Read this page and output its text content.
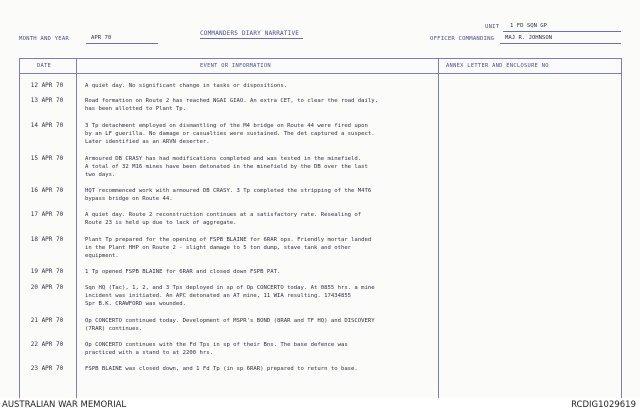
MONTH AND YEAR	APR 70
COMMANDERS DIARY NARRATIVE
UNIT 1 FD SQN GP
OFFICER COMMANDING MAJ R. JOHNSON
DATE	EVENT OR INFORMATION	ANNEX LETTER AND ENCLOSURE NO
12 APR 70	A quiet day. No significant change in tasks or dispositions.
13 APR 70	Road formation on Route 2 has reached NGAI GIAO. An extra CET, to clear the road daily,
has been allotted to Plant Tp.
14 APR 70	3 Tp detachment employed on dismantling of the M4 bridge on Route 44 were fired upon
by an LF guerilla. No damage or casualties were sustained. The det captured a suspect.
Later identified as an ARVN deserter.
15 APR 70	Armoured DB CRASY has had modifications completed and was tested in the minefield.
A total of 32 M16 mines have been detonated in the minefield by the DB over the last
two days.
16 APR 70	HQT recommenced work with armoured DB CRASY. 3 Tp completed the stripping of the M4T6
bypass bridge on Route 44.
17 APR 70	A quiet day. Route 2 reconstruction continues at a satisfactory rate. Resealing of
Route 23 is held up due to lack of aggregate.
18 APR 70	Plant Tp prepared for the opening of FSPB BLAINE for 6RAR ops. Friendly mortar landed
in the Plant HHP on Route 2 - slight damage to 5 ton dump, stave tank and other
equipment.
19 APR 70	1 Tp opened FSPB BLAINE for 6RAR and closed down FSPB PAT.
20 APR 70	Sqn HQ (Tac), 1, 2, and 3 Tps deployed in sp of Op CONCERTO today. At 0855 hrs. a mine
incident was initiated. An APC detonated an AT mine, 11 WIA resulting. 17434855
Spr B.K. CRAWFORD was wounded.
21 APR 70	Op CONCERTO continued today. Development of MSPR's BOND (8RAR and TF HQ) and DISCOVERY
(7RAR) continues.
22 APR 70	Op CONCERTO continues with the Fd Tps in sp of their Bns. The base defence was
practiced with a stand to at 2200 hrs.
23 APR 70	FSPB BLAINE was closed down, and 1 Fd Tp (in sp 6RAR) prepared to return to base.
AUSTRALIAN WAR MEMORIAL	RCDIG1029619
